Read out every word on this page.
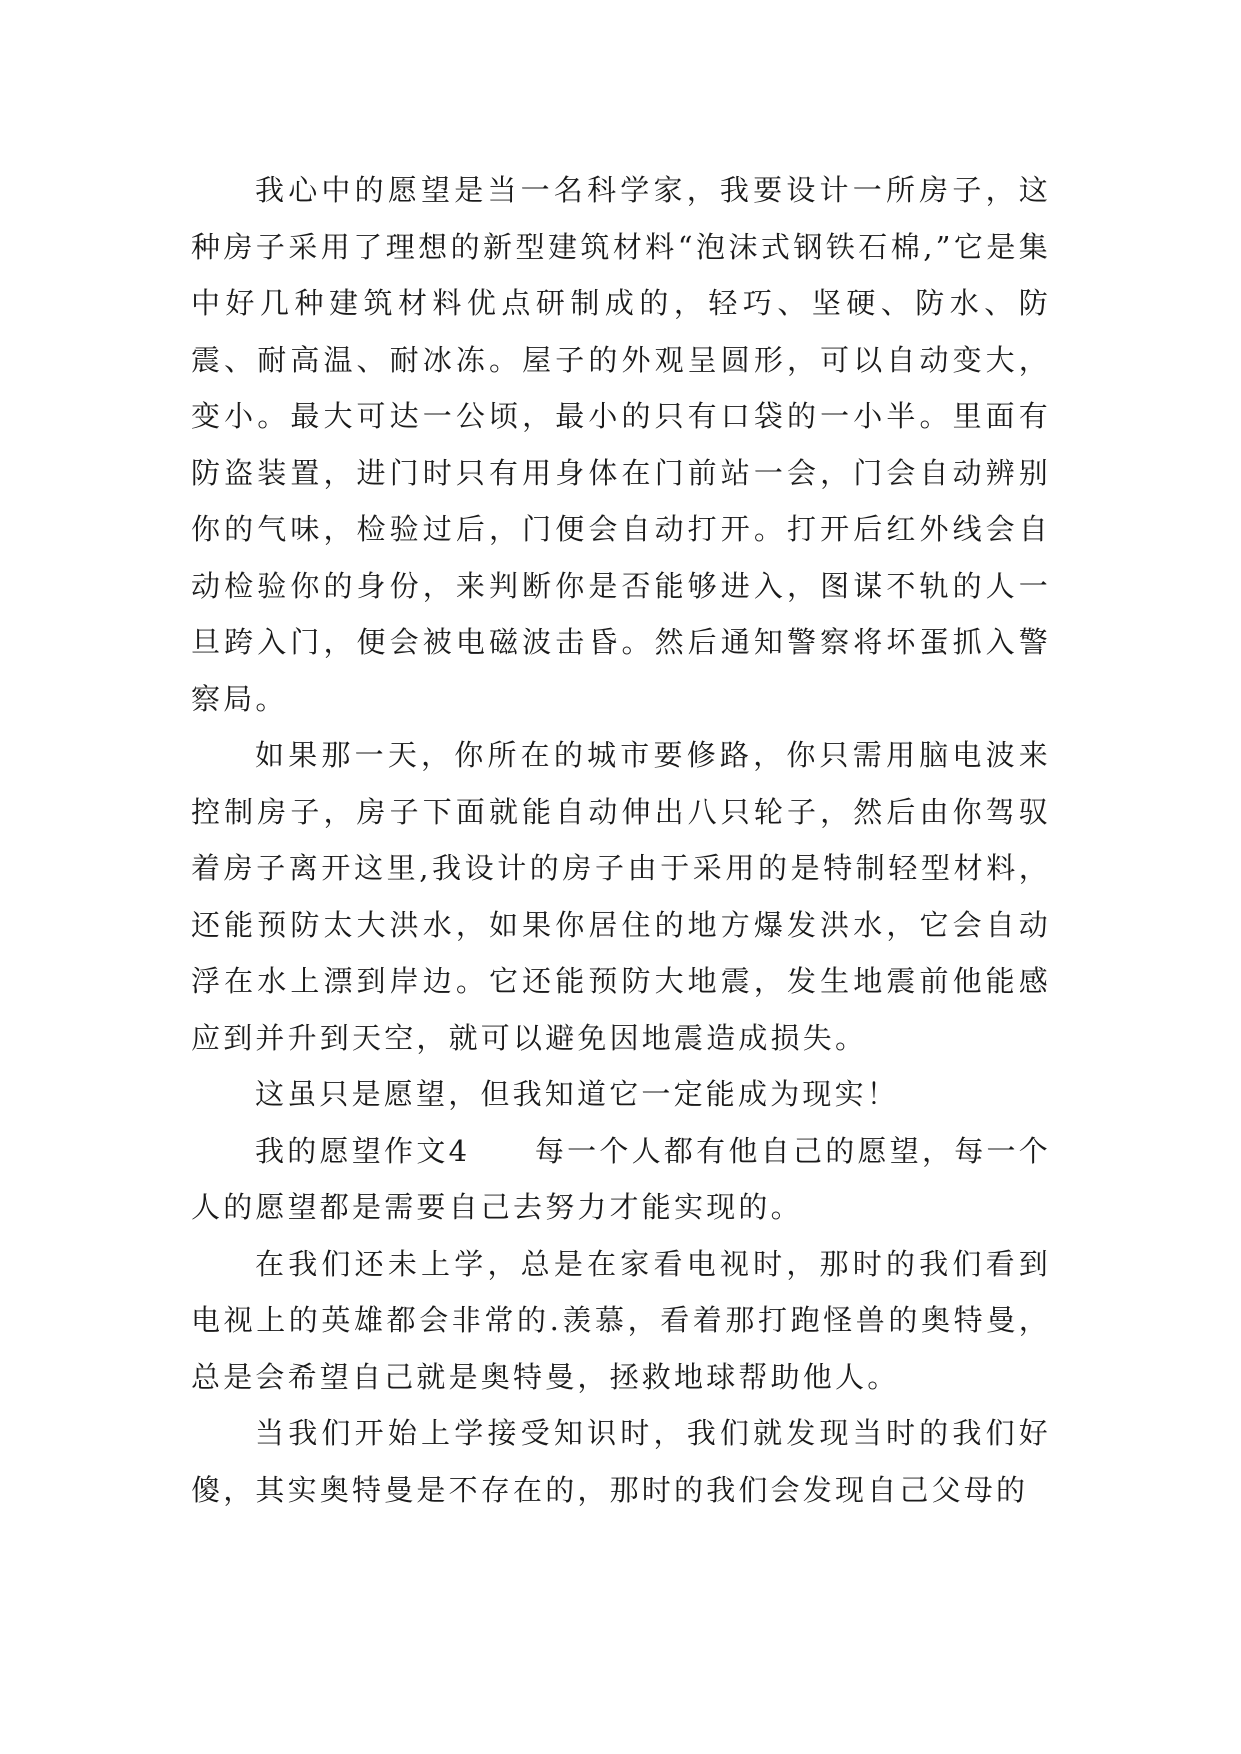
我心中的愿望是当一名科学家，我要设计一所房子，这种房子采用了理想的新型建筑材料“泡沫式钢铁石棉,”它是集中好几种建筑材料优点研制成的，轻巧、坚硬、防水、防震、耐高温、耐冰冻。屋子的外观呈圆形，可以自动变大，变小。最大可达一公顷，最小的只有口袋的一小半。里面有防盗装置，进门时只有用身体在门前站一会，门会自动辨别你的气味，检验过后，门便会自动打开。打开后红外线会自动检验你的身份，来判断你是否能够进入，图谋不轨的人一旦跨入门，便会被电磁波击昏。然后通知警察将坏蛋抓入警察局。

如果那一天，你所在的城市要修路，你只需用脑电波来控制房子，房子下面就能自动伸出八只轮子，然后由你驾驭着房子离开这里,我设计的房子由于采用的是特制轻型材料，还能预防太大洪水，如果你居住的地方爆发洪水，它会自动浮在水上漂到岸边。它还能预防大地震，发生地震前他能感应到并升到天空，就可以避免因地震造成损失。

这虽只是愿望，但我知道它一定能成为现实！

我的愿望作文4　　每一个人都有他自己的愿望，每一个人的愿望都是需要自己去努力才能实现的。

在我们还未上学，总是在家看电视时，那时的我们看到电视上的英雄都会非常的.羡慕，看着那打跑怪兽的奥特曼，总是会希望自己就是奥特曼，拯救地球帮助他人。

当我们开始上学接受知识时，我们就发现当时的我们好傻，其实奥特曼是不存在的，那时的我们会发现自己父母的
